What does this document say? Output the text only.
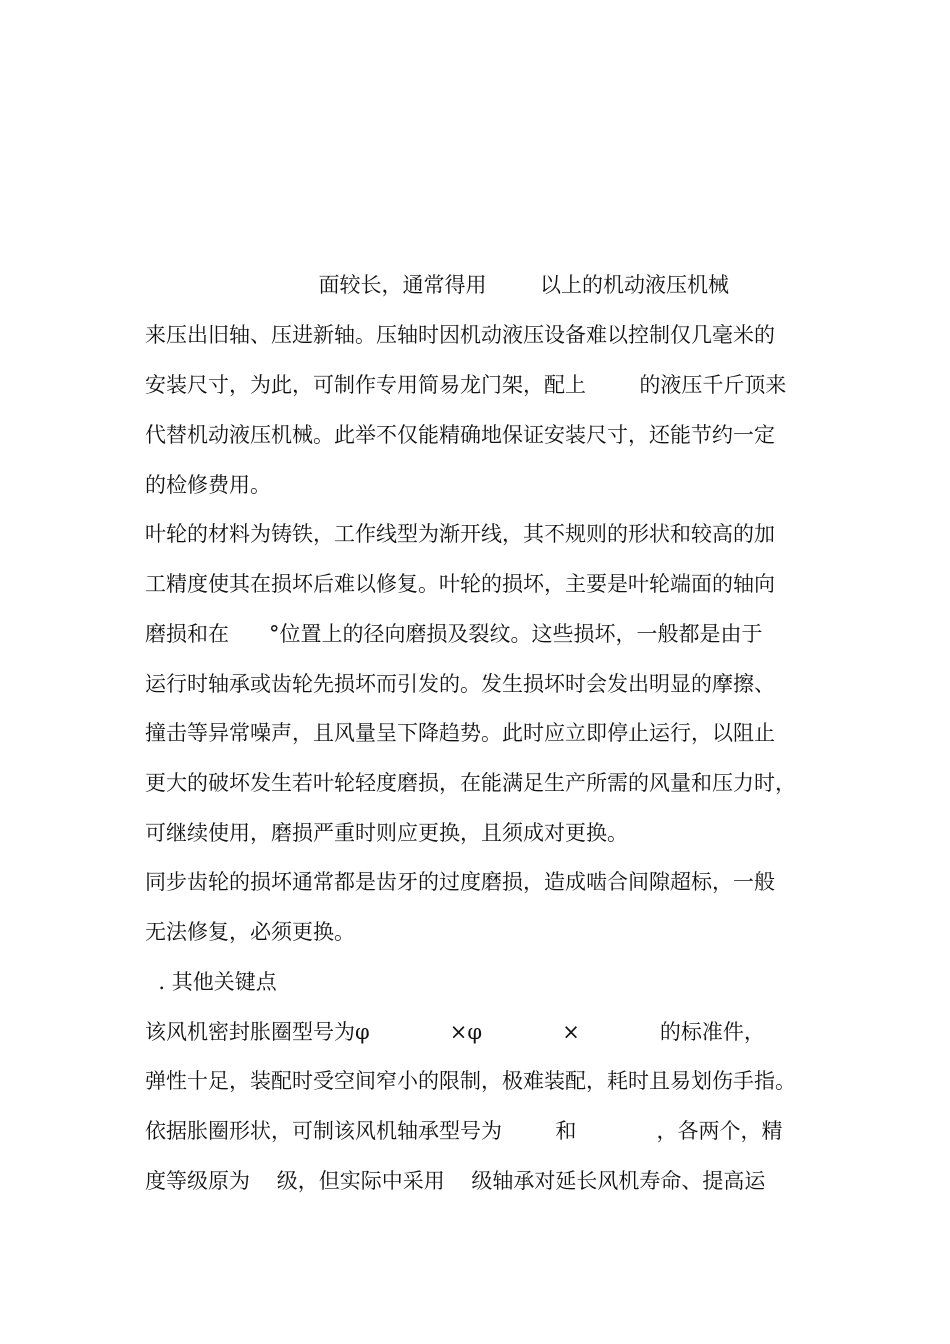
面较长，通常得用        以上的机动液压机械
来压出旧轴、压进新轴。压轴时因机动液压设备难以控制仅几毫米的
安装尺寸，为此，可制作专用简易龙门架，配上        的液压千斤顶来
代替机动液压机械。此举不仅能精确地保证安装尺寸，还能节约一定
的检修费用。
叶轮的材料为铸铁，工作线型为渐开线，其不规则的形状和较高的加
工精度使其在损坏后难以修复。叶轮的损坏，主要是叶轮端面的轴向
磨损和在      °位置上的径向磨损及裂纹。这些损坏，一般都是由于
运行时轴承或齿轮先损坏而引发的。发生损坏时会发出明显的摩擦、
撞击等异常噪声，且风量呈下降趋势。此时应立即停止运行，以阻止
更大的破坏发生若叶轮轻度磨损，在能满足生产所需的风量和压力时，
可继续使用，磨损严重时则应更换，且须成对更换。
同步齿轮的损坏通常都是齿牙的过度磨损，造成啮合间隙超标，一般
无法修复，必须更换。
. 其他关键点
该风机密封胀圈型号为φ            ×φ            ×            的标准件，
弹性十足，装配时受空间窄小的限制，极难装配，耗时且易划伤手指。
依据胀圈形状，可制该风机轴承型号为        和            ，各两个，精
度等级原为    级，但实际中采用    级轴承对延长风机寿命、提高运
